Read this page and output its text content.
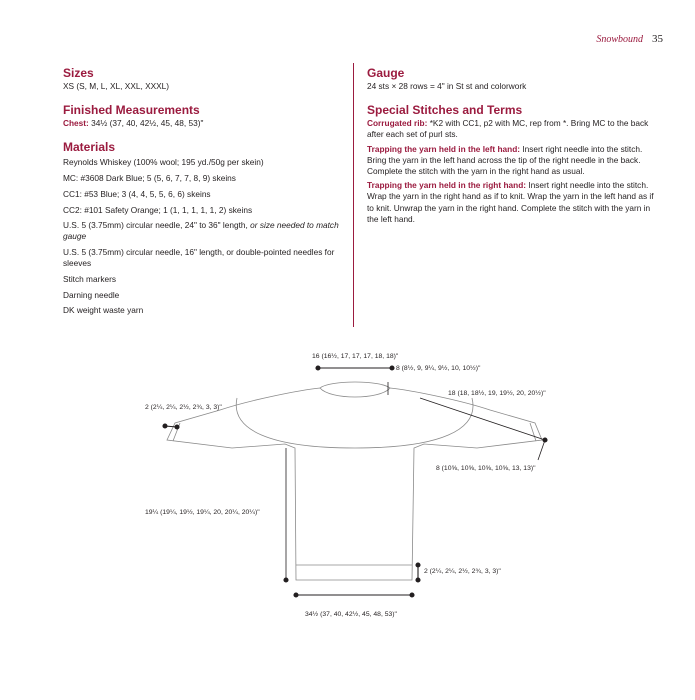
Snowbound 35
Sizes

XS (S, M, L, XL, XXL, XXXL)

Finished Measurements

Chest: 34½ (37, 40, 42½, 45, 48, 53)"

Materials

Reynolds Whiskey (100% wool; 195 yd./50g per skein)

MC: #3608 Dark Blue; 5 (5, 6, 7, 7, 8, 9) skeins

CC1: #53 Blue; 3 (4, 4, 5, 5, 6, 6) skeins

CC2: #101 Safety Orange; 1 (1, 1, 1, 1, 1, 2) skeins

U.S. 5 (3.75mm) circular needle, 24" to 36" length, or size needed to match gauge

U.S. 5 (3.75mm) circular needle, 16" length, or double-pointed needles for sleeves

Stitch markers

Darning needle

DK weight waste yarn

Gauge

24 sts × 28 rows = 4" in St st and colorwork

Special Stitches and Terms

Corrugated rib: *K2 with CC1, p2 with MC, rep from *. Bring MC to the back after each set of purl sts.

Trapping the yarn held in the left hand: Insert right needle into the stitch. Bring the yarn in the left hand across the tip of the right needle in the back. Complete the stitch with the yarn in the right hand as usual.

Trapping the yarn held in the right hand: Insert right needle into the stitch. Wrap the yarn in the right hand as if to knit. Wrap the yarn in the left hand as if to knit. Unwrap the yarn in the right hand. Complete the stitch with the yarn in the left hand.

16 (16½, 17, 17, 17, 18, 18)"
8 (8½, 9, 9¼, 9½, 10, 10½)"
18 (18, 18½, 19, 19½, 20, 20½)"
2 (2¼, 2¼, 2½, 2¾, 3, 3)"
8 (10⅝, 10⅝, 10⅝, 10⅝, 13, 13)"
19¼ (19¼, 19½, 19¼, 20, 20¼, 20¼)"
2 (2¼, 2¼, 2½, 2¾, 3, 3)"
34½ (37, 40, 42½, 45, 48, 53)"
